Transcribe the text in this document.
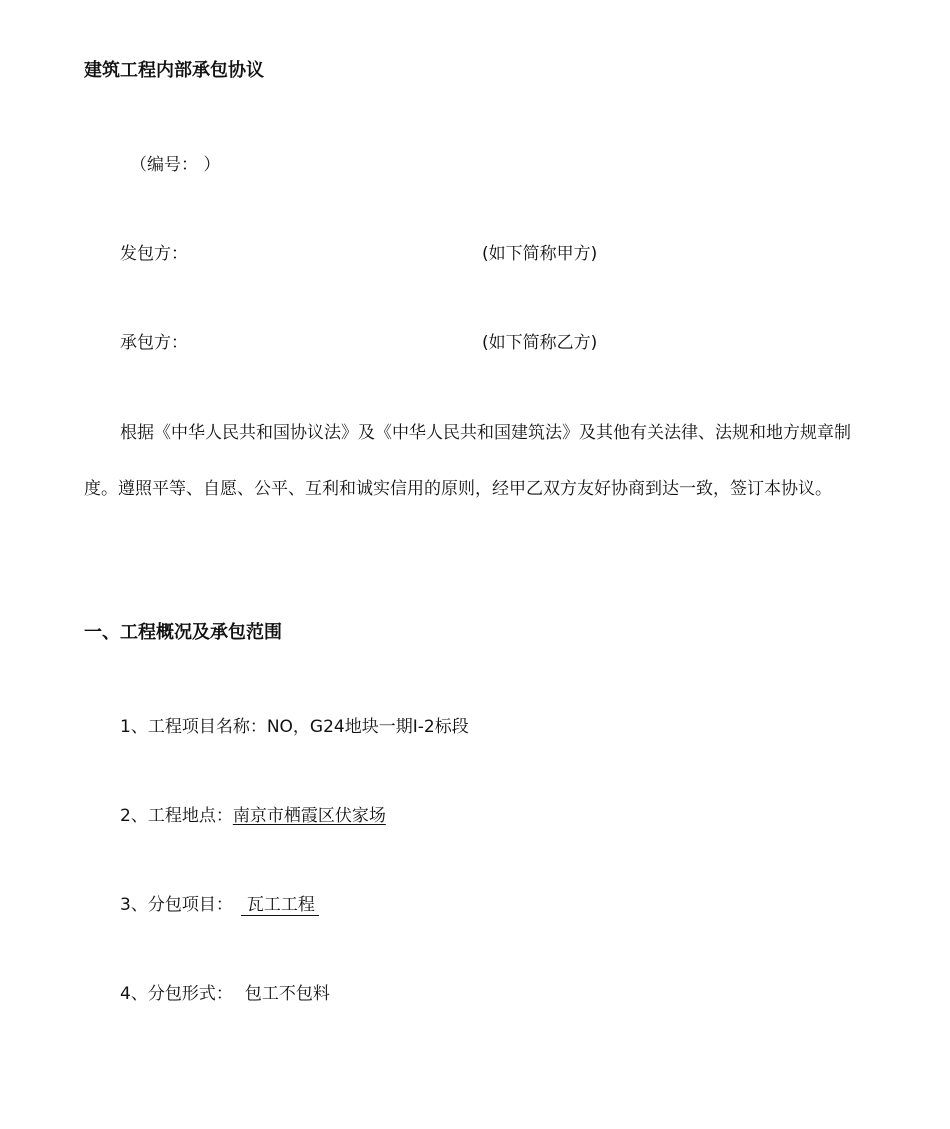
建筑工程内部承包协议
（编号： ）
发包方：	(如下简称甲方)
承包方：	(如下简称乙方)
根据《中华人民共和国协议法》及《中华人民共和国建筑法》及其他有关法律、法规和地方规章制度。遵照平等、自愿、公平、互利和诚实信用的原则，经甲乙双方友好协商到达一致，签订本协议。
一、工程概况及承包范围
1、工程项目名称：NO，G24地块一期Ⅰ-2标段
2、工程地点：南京市栖霞区伏家场
3、分包项目： 瓦工工程
4、分包形式： 包工不包料
